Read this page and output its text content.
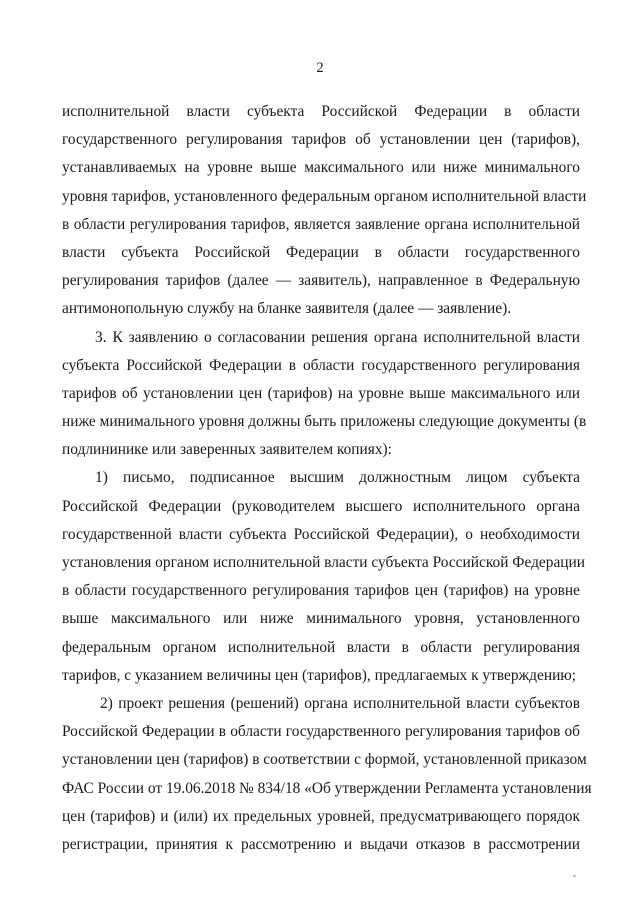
2
исполнительной власти субъекта Российской Федерации в области
государственного регулирования тарифов об установлении цен (тарифов),
устанавливаемых на уровне выше максимального или ниже минимального
уровня тарифов, установленного федеральным органом исполнительной власти
в области регулирования тарифов, является заявление органа исполнительной
власти субъекта Российской Федерации в области государственного
регулирования тарифов (далее — заявитель), направленное в Федеральную
антимонопольную службу на бланке заявителя (далее — заявление).
3. К заявлению о согласовании решения органа исполнительной власти
субъекта Российской Федерации в области государственного регулирования
тарифов об установлении цен (тарифов) на уровне выше максимального или
ниже минимального уровня должны быть приложены следующие документы (в
подлининике или заверенных заявителем копиях):
1) письмо, подписанное высшим должностным лицом субъекта
Российской Федерации (руководителем высшего исполнительного органа
государственной власти субъекта Российской Федерации), о необходимости
установления органом исполнительной власти субъекта Российской Федерации
в области государственного регулирования тарифов цен (тарифов) на уровне
выше максимального или ниже минимального уровня, установленного
федеральным органом исполнительной власти в области регулирования
тарифов, с указанием величины цен (тарифов), предлагаемых к утверждению;
2) проект решения (решений) органа исполнительной власти субъектов
Российской Федерации в области государственного регулирования тарифов об
установлении цен (тарифов) в соответствии с формой, установленной приказом
ФАС России от 19.06.2018 № 834/18 «Об утверждении Регламента установления
цен (тарифов) и (или) их предельных уровней, предусматривающего порядок
регистрации, принятия к рассмотрению и выдачи отказов в рассмотрении
